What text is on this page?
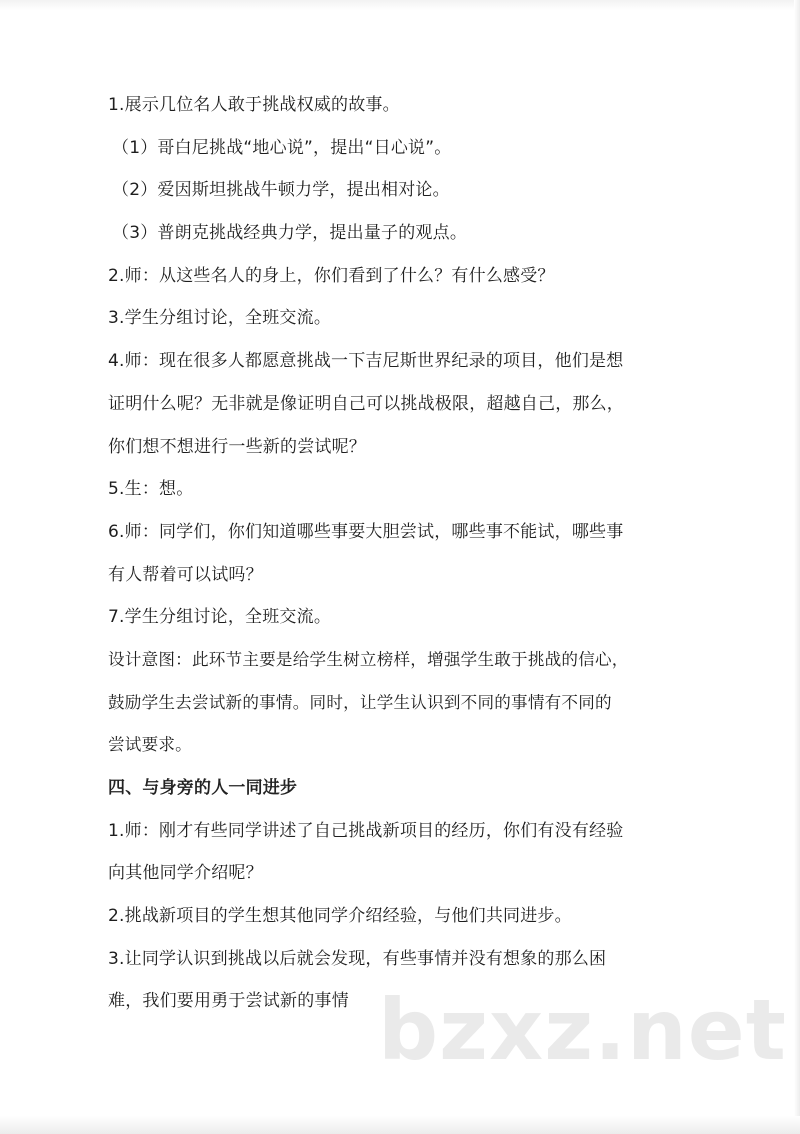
1.展示几位名人敢于挑战权威的故事。
（1）哥白尼挑战“地心说”，提出“日心说”。
（2）爱因斯坦挑战牛顿力学，提出相对论。
（3）普朗克挑战经典力学，提出量子的观点。
2.师：从这些名人的身上，你们看到了什么？有什么感受？
3.学生分组讨论，全班交流。
4.师：现在很多人都愿意挑战一下吉尼斯世界纪录的项目，他们是想
证明什么呢？无非就是像证明自己可以挑战极限，超越自己，那么，
你们想不想进行一些新的尝试呢？
5.生：想。
6.师：同学们，你们知道哪些事要大胆尝试，哪些事不能试，哪些事
有人帮着可以试吗？
7.学生分组讨论，全班交流。
设计意图：此环节主要是给学生树立榜样，增强学生敢于挑战的信心，
鼓励学生去尝试新的事情。同时，让学生认识到不同的事情有不同的
尝试要求。
四、与身旁的人一同进步
1.师：刚才有些同学讲述了自己挑战新项目的经历，你们有没有经验
向其他同学介绍呢？
2.挑战新项目的学生想其他同学介绍经验，与他们共同进步。
3.让同学认识到挑战以后就会发现，有些事情并没有想象的那么困
难，我们要用勇于尝试新的事情 bzxz.net
